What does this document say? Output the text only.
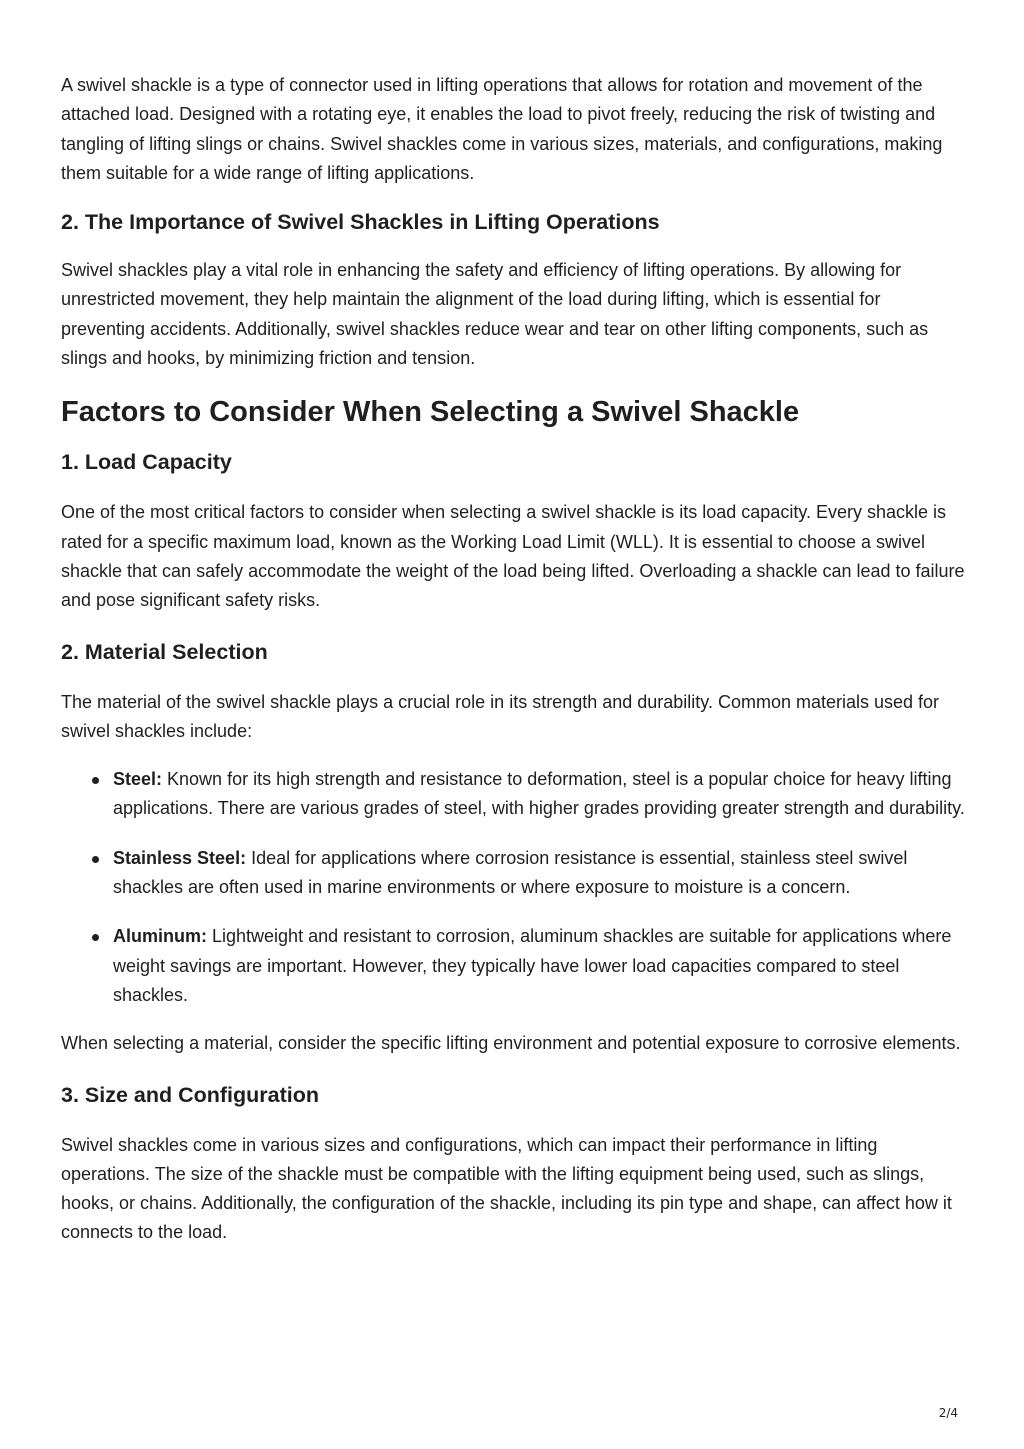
A swivel shackle is a type of connector used in lifting operations that allows for rotation and movement of the attached load. Designed with a rotating eye, it enables the load to pivot freely, reducing the risk of twisting and tangling of lifting slings or chains. Swivel shackles come in various sizes, materials, and configurations, making them suitable for a wide range of lifting applications.

2. The Importance of Swivel Shackles in Lifting Operations

Swivel shackles play a vital role in enhancing the safety and efficiency of lifting operations. By allowing for unrestricted movement, they help maintain the alignment of the load during lifting, which is essential for preventing accidents. Additionally, swivel shackles reduce wear and tear on other lifting components, such as slings and hooks, by minimizing friction and tension.

Factors to Consider When Selecting a Swivel Shackle
1. Load Capacity

One of the most critical factors to consider when selecting a swivel shackle is its load capacity. Every shackle is rated for a specific maximum load, known as the Working Load Limit (WLL). It is essential to choose a swivel shackle that can safely accommodate the weight of the load being lifted. Overloading a shackle can lead to failure and pose significant safety risks.

2. Material Selection

The material of the swivel shackle plays a crucial role in its strength and durability. Common materials used for swivel shackles include:

Steel: Known for its high strength and resistance to deformation, steel is a popular choice for heavy lifting applications. There are various grades of steel, with higher grades providing greater strength and durability.
Stainless Steel: Ideal for applications where corrosion resistance is essential, stainless steel swivel shackles are often used in marine environments or where exposure to moisture is a concern.
Aluminum: Lightweight and resistant to corrosion, aluminum shackles are suitable for applications where weight savings are important. However, they typically have lower load capacities compared to steel shackles.

When selecting a material, consider the specific lifting environment and potential exposure to corrosive elements.

3. Size and Configuration

Swivel shackles come in various sizes and configurations, which can impact their performance in lifting operations. The size of the shackle must be compatible with the lifting equipment being used, such as slings, hooks, or chains. Additionally, the configuration of the shackle, including its pin type and shape, can affect how it connects to the load.

2/4
